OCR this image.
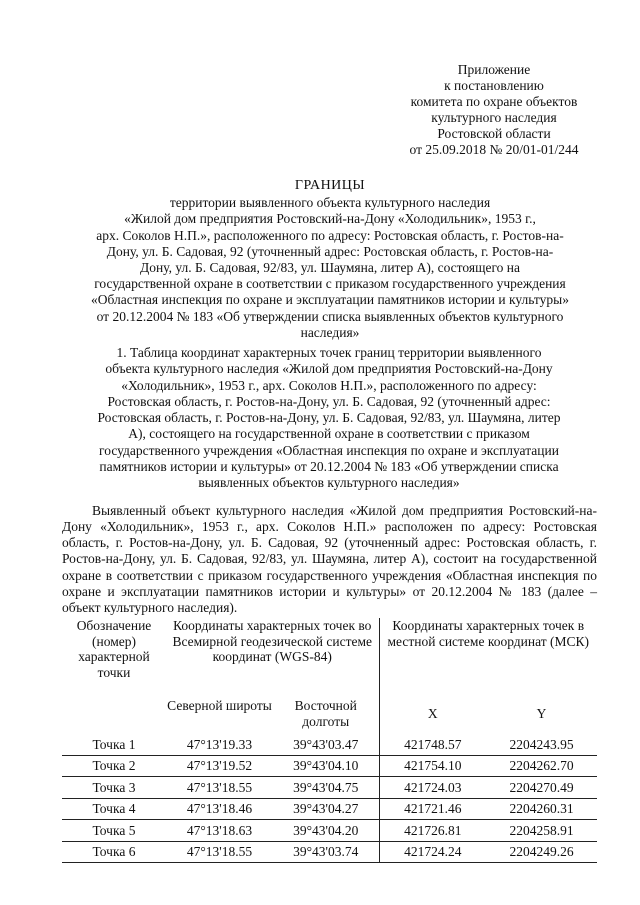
Приложение
к постановлению
комитета по охране объектов
культурного наследия
Ростовской области
от 25.09.2018 № 20/01-01/244
ГРАНИЦЫ
территории выявленного объекта культурного наследия
«Жилой дом предприятия Ростовский-на-Дону «Холодильник», 1953 г.,
арх. Соколов Н.П.», расположенного по адресу: Ростовская область, г. Ростов-на-
Дону, ул. Б. Садовая, 92 (уточненный адрес: Ростовская область, г. Ростов-на-
Дону, ул. Б. Садовая, 92/83, ул. Шаумяна, литер А), состоящего на
государственной охране в соответствии с приказом государственного учреждения
«Областная инспекция по охране и эксплуатации памятников истории и культуры»
от 20.12.2004 № 183 «Об утверждении списка выявленных объектов культурного
наследия»
1. Таблица координат характерных точек границ территории выявленного
объекта культурного наследия «Жилой дом предприятия Ростовский-на-Дону
«Холодильник», 1953 г., арх. Соколов Н.П.», расположенного по адресу:
Ростовская область, г. Ростов-на-Дону, ул. Б. Садовая, 92 (уточненный адрес:
Ростовская область, г. Ростов-на-Дону, ул. Б. Садовая, 92/83, ул. Шаумяна, литер
А), состоящего на государственной охране в соответствии с приказом
государственного учреждения «Областная инспекция по охране и эксплуатации
памятников истории и культуры» от 20.12.2004 № 183 «Об утверждении списка
выявленных объектов культурного наследия»

Выявленный объект культурного наследия «Жилой дом предприятия Ростовский-на-Дону «Холодильник», 1953 г., арх. Соколов Н.П.» расположен по адресу: Ростовская область, г. Ростов-на-Дону, ул. Б. Садовая, 92 (уточненный адрес: Ростовская область, г. Ростов-на-Дону, ул. Б. Садовая, 92/83, ул. Шаумяна, литер А), состоит на государственной охране в соответствии с приказом государственного учреждения «Областная инспекция по охране и эксплуатации памятников истории и культуры» от 20.12.2004 № 183 (далее – объект культурного наследия).

Обозначение (номер) характерной точки	Координаты характерных точек во Всемирной геодезической системе координат (WGS-84)		Координаты характерных точек в местной системе координат (МСК)	
	Северной широты	Восточной долготы	X	Y
Точка 1	47°13'19.33	39°43'03.47	421748.57	2204243.95
Точка 2	47°13'19.52	39°43'04.10	421754.10	2204262.70
Точка 3	47°13'18.55	39°43'04.75	421724.03	2204270.49
Точка 4	47°13'18.46	39°43'04.27	421721.46	2204260.31
Точка 5	47°13'18.63	39°43'04.20	421726.81	2204258.91
Точка 6	47°13'18.55	39°43'03.74	421724.24	2204249.26
